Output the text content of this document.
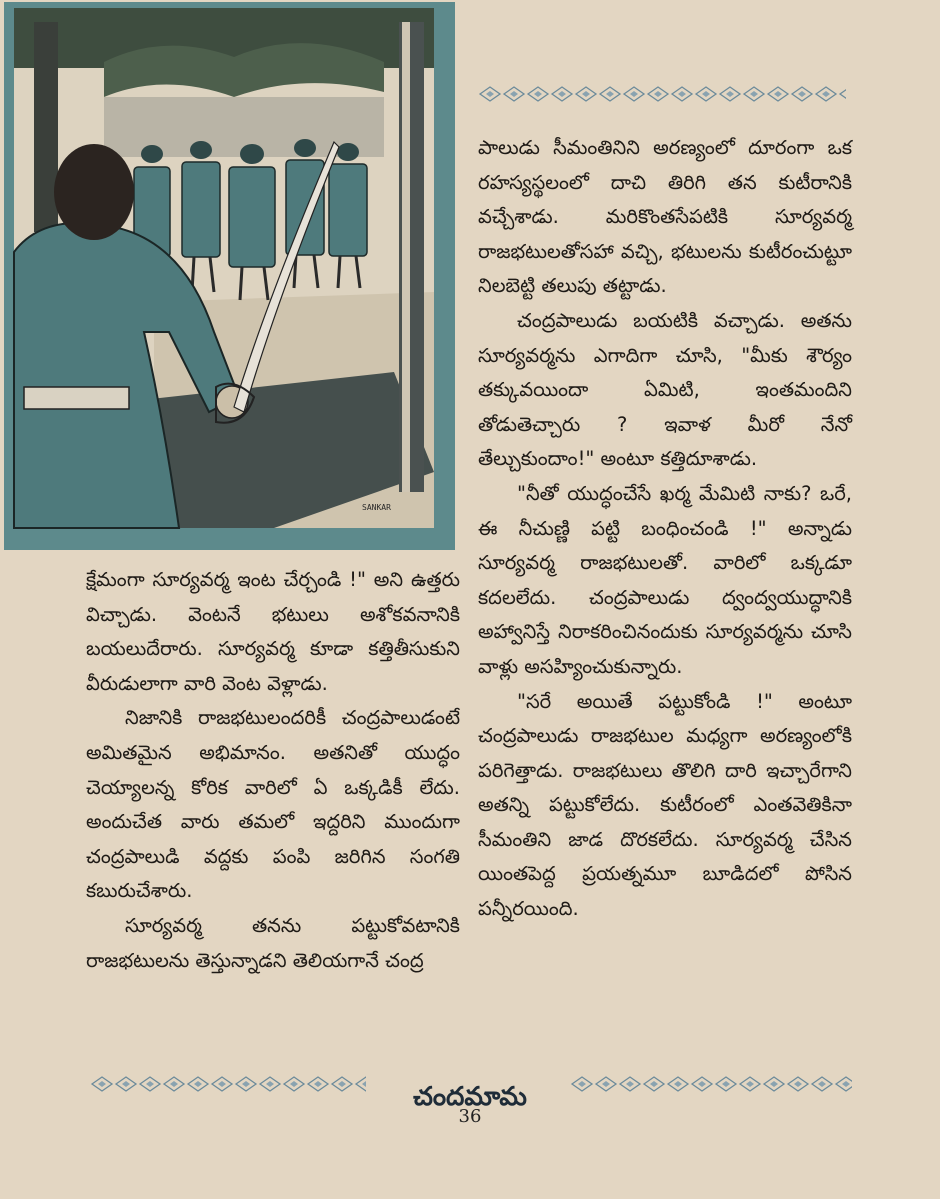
SANKAR

పాలుడు సీమంతినిని అరణ్యంలో దూరంగా ఒక రహస్యస్థలంలో దాచి తిరిగి తన కుటీరానికి వచ్చేశాడు. మరికొంతసేపటికి సూర్యవర్మ రాజభటులతోసహా వచ్చి, భటులను కుటీరంచుట్టూ నిలబెట్టి తలుపు తట్టాడు.

చంద్రపాలుడు బయటికి వచ్చాడు. అతను సూర్యవర్మను ఎగాదిగా చూసి, "మీకు శౌర్యం తక్కువయిందా ఏమిటి, ఇంతమందిని తోడుతెచ్చారు ? ఇవాళ మీరో నేనో తేల్చుకుందాం!" అంటూ కత్తిదూశాడు.

"నీతో యుద్ధంచేసే ఖర్మ మేమిటి నాకు? ఒరే, ఈ నీచుణ్ణి పట్టి బంధించండి !" అన్నాడు సూర్యవర్మ రాజభటులతో. వారిలో ఒక్కడూ కదలలేదు. చంద్రపాలుడు ద్వంద్వయుద్ధానికి అహ్వానిస్తే నిరాకరించినందుకు సూర్యవర్మను చూసి వాళ్లు అసహ్యించుకున్నారు.

"సరే అయితే పట్టుకోండి !" అంటూ చంద్రపాలుడు రాజభటుల మధ్యగా అరణ్యంలోకి పరిగెత్తాడు. రాజభటులు తొలిగి దారి ఇచ్చారేగాని అతన్ని పట్టుకోలేదు. కుటీరంలో ఎంతవెతికినా సీమంతిని జాడ దొరకలేదు. సూర్యవర్మ చేసిన యింతపెద్ద ప్రయత్నమూ బూడిదలో పోసిన పన్నీరయింది.

క్షేమంగా సూర్యవర్మ ఇంట చేర్చండి !" అని ఉత్తరు విచ్చాడు. వెంటనే భటులు అశోకవనానికి బయలుదేరారు. సూర్యవర్మ కూడా కత్తితీసుకుని వీరుడులాగా వారి వెంట వెళ్లాడు.

నిజానికి రాజభటులందరికీ చంద్రపాలుడంటే అమితమైన అభిమానం. అతనితో యుద్ధం చెయ్యాలన్న కోరిక వారిలో ఏ ఒక్కడికీ లేదు. అందుచేత వారు తమలో ఇద్దరిని ముందుగా చంద్రపాలుడి వద్దకు పంపి జరిగిన సంగతి కబురుచేశారు.

సూర్యవర్మ తనను పట్టుకోవటానికి రాజభటులను తెస్తున్నాడని తెలియగానే చంద్ర

చందమామ
36
